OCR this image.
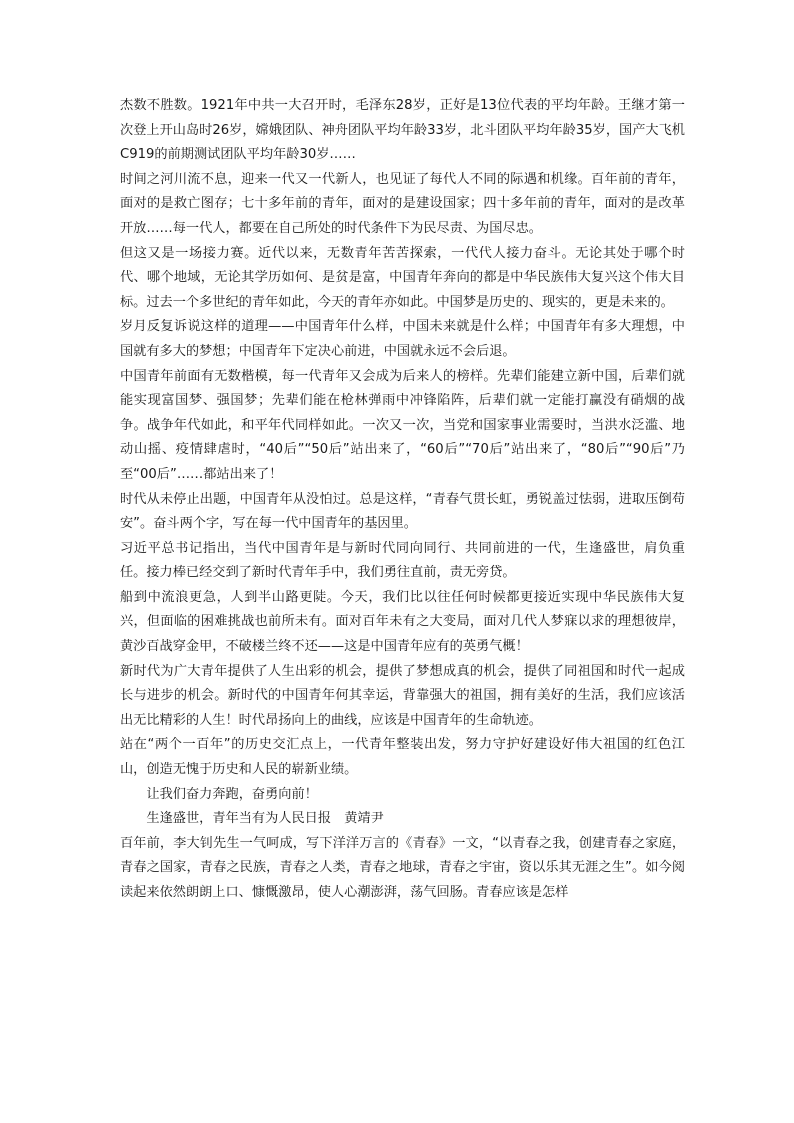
杰数不胜数。1921年中共一大召开时，毛泽东28岁，正好是13位代表的平均年龄。王继才第一次登上开山岛时26岁，嫦娥团队、神舟团队平均年龄33岁，北斗团队平均年龄35岁，国产大飞机C919的前期测试团队平均年龄30岁……

时间之河川流不息，迎来一代又一代新人，也见证了每代人不同的际遇和机缘。百年前的青年，面对的是救亡图存；七十多年前的青年，面对的是建设国家；四十多年前的青年，面对的是改革开放……每一代人，都要在自己所处的时代条件下为民尽责、为国尽忠。

但这又是一场接力赛。近代以来，无数青年苦苦探索，一代代人接力奋斗。无论其处于哪个时代、哪个地域，无论其学历如何、是贫是富，中国青年奔向的都是中华民族伟大复兴这个伟大目标。过去一个多世纪的青年如此，今天的青年亦如此。中国梦是历史的、现实的，更是未来的。

岁月反复诉说这样的道理——中国青年什么样，中国未来就是什么样；中国青年有多大理想，中国就有多大的梦想；中国青年下定决心前进，中国就永远不会后退。

中国青年前面有无数楷模，每一代青年又会成为后来人的榜样。先辈们能建立新中国，后辈们就能实现富国梦、强国梦；先辈们能在枪林弹雨中冲锋陷阵，后辈们就一定能打赢没有硝烟的战争。战争年代如此，和平年代同样如此。一次又一次，当党和国家事业需要时，当洪水泛滥、地动山摇、疫情肆虐时，“40后”“50后”站出来了，“60后”“70后”站出来了，“80后”“90后”乃至“00后”……都站出来了！

时代从未停止出题，中国青年从没怕过。总是这样，“青春气贯长虹，勇锐盖过怯弱，进取压倒苟安”。奋斗两个字，写在每一代中国青年的基因里。

习近平总书记指出，当代中国青年是与新时代同向同行、共同前进的一代，生逢盛世，肩负重任。接力棒已经交到了新时代青年手中，我们勇往直前，责无旁贷。

船到中流浪更急，人到半山路更陡。今天，我们比以往任何时候都更接近实现中华民族伟大复兴，但面临的困难挑战也前所未有。面对百年未有之大变局，面对几代人梦寐以求的理想彼岸，黄沙百战穿金甲，不破楼兰终不还——这是中国青年应有的英勇气概！

新时代为广大青年提供了人生出彩的机会，提供了梦想成真的机会，提供了同祖国和时代一起成长与进步的机会。新时代的中国青年何其幸运，背靠强大的祖国，拥有美好的生活，我们应该活出无比精彩的人生！时代昂扬向上的曲线，应该是中国青年的生命轨迹。

站在“两个一百年”的历史交汇点上，一代青年整装出发，努力守护好建设好伟大祖国的红色江山，创造无愧于历史和人民的崭新业绩。

让我们奋力奔跑，奋勇向前！

生逢盛世，青年当有为人民日报　黄靖尹

百年前，李大钊先生一气呵成，写下洋洋万言的《青春》一文，“以青春之我，创建青春之家庭，青春之国家，青春之民族，青春之人类，青春之地球，青春之宇宙，资以乐其无涯之生”。如今阅读起来依然朗朗上口、慷慨激昂，使人心潮澎湃，荡气回肠。青春应该是怎样
